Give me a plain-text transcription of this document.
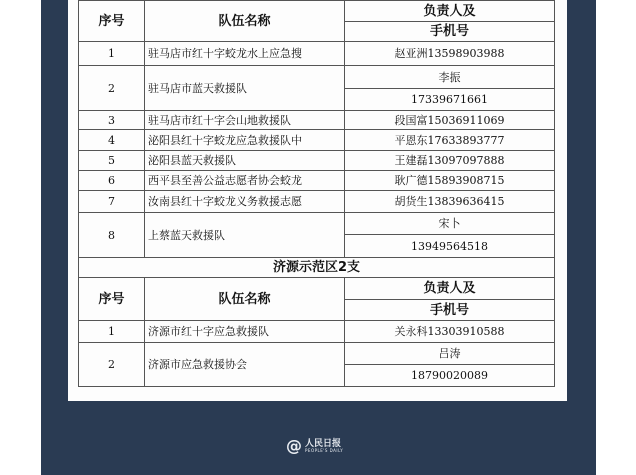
序号	队伍名称	负责人及
		手机号
1	驻马店市红十字蛟龙水上应急搜	赵亚洲13598903988
2	驻马店市蓝天救援队	李振
		17339671661
3	驻马店市红十字会山地救援队	段国富15036911069
4	泌阳县红十字蛟龙应急救援队中	平恩东17633893777
5	泌阳县蓝天救援队	王建磊13097097888
6	西平县至善公益志愿者协会蛟龙	耿广德15893908715
7	汝南县红十字蛟龙义务救援志愿	胡货生13839636415
8	上蔡蓝天救援队	宋卜
		13949564518
济源示范区2支		
序号	队伍名称	负责人及
		手机号
1	济源市红十字应急救援队	关永科13303910588
2	济源市应急救援协会	吕涛
		18790020089
@ 人民日报
PEOPLE'S DAILY
